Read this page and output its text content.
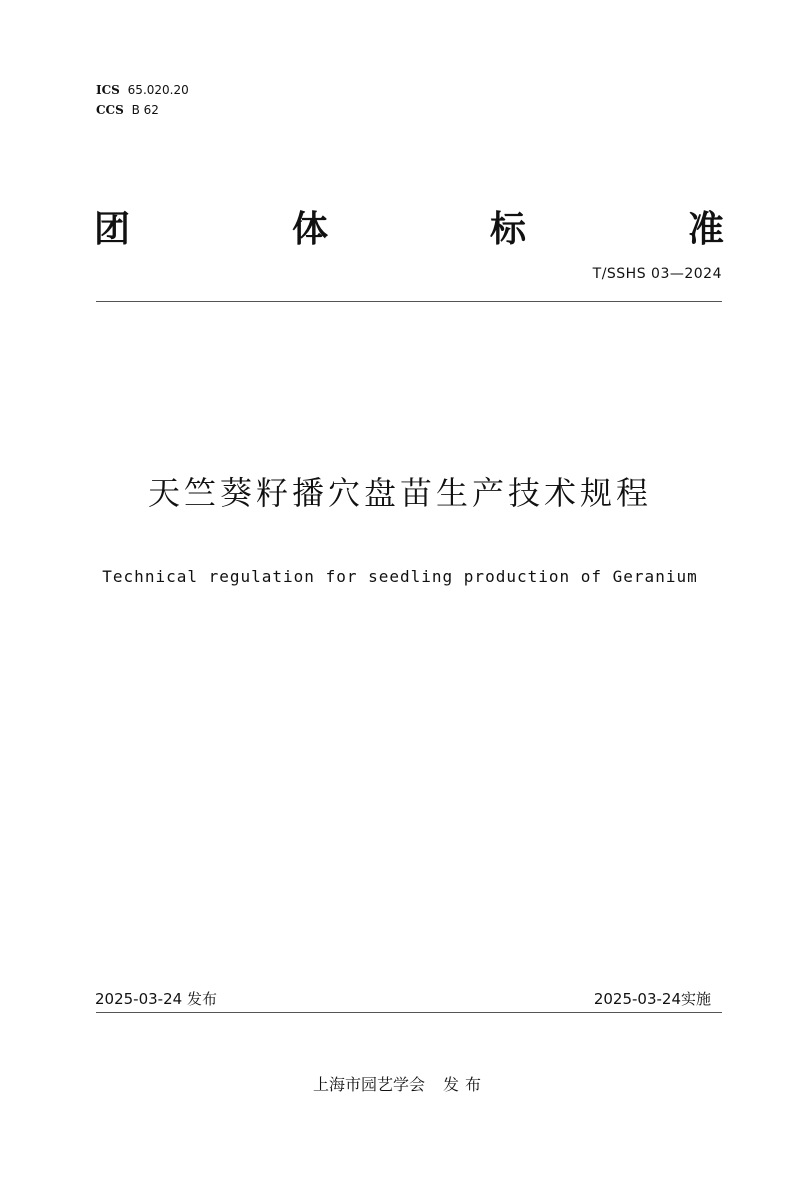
ICS 65.020.20
CCS B 62
团	体	标	准
T/SSHS 03—2024
天竺葵籽播穴盘苗生产技术规程
Technical regulation for seedling production of Geranium
2025-03-24 发布	2025-03-24实施
上海市园艺学会 发布
